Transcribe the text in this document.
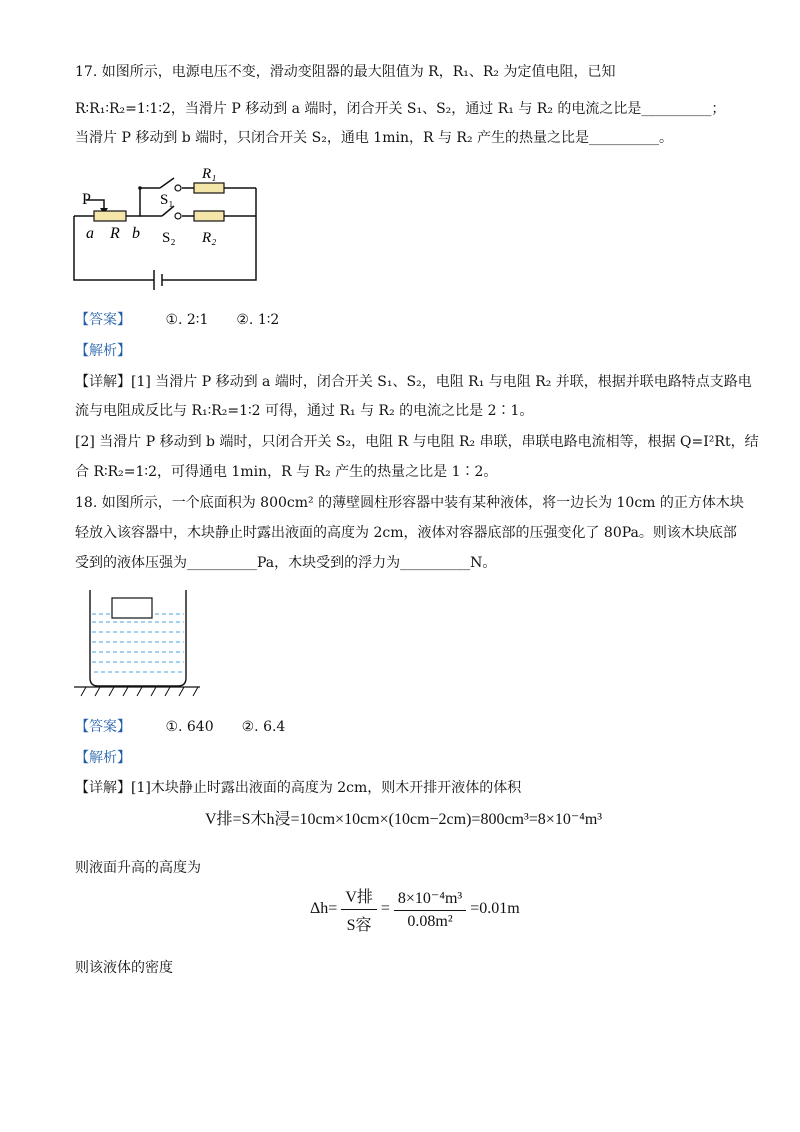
17. 如图所示，电源电压不变，滑动变阻器的最大阻值为 R，R₁、R₂ 为定值电阻，已知
R∶R₁∶R₂=1∶1∶2，当滑片 P 移动到 a 端时，闭合开关 S₁、S₂，通过 R₁ 与 R₂ 的电流之比是__________；
当滑片 P 移动到 b 端时，只闭合开关 S₂，通电 1min，R 与 R₂ 产生的热量之比是__________。
P
a R b
S₁
R₁
S₂ R₂
【答案】 ①. 2∶1　　②. 1∶2
【解析】
【详解】[1] 当滑片 P 移动到 a 端时，闭合开关 S₁、S₂，电阻 R₁ 与电阻 R₂ 并联，根据并联电路特点支路电
流与电阻成反比与 R₁∶R₂=1∶2 可得，通过 R₁ 与 R₂ 的电流之比是 2∶1。
[2] 当滑片 P 移动到 b 端时，只闭合开关 S₂，电阻 R 与电阻 R₂ 串联，串联电路电流相等，根据 Q=I²Rt，结
合 R∶R₂=1∶2，可得通电 1min，R 与 R₂ 产生的热量之比是 1∶2。
18. 如图所示，一个底面积为 800cm² 的薄壁圆柱形容器中装有某种液体，将一边长为 10cm 的正方体木块
轻放入该容器中，木块静止时露出液面的高度为 2cm，液体对容器底部的压强变化了 80Pa。则该木块底部
受到的液体压强为__________Pa，木块受到的浮力为__________N。
【答案】 ①. 640　　②. 6.4
【解析】
【详解】[1]木块静止时露出液面的高度为 2cm，则木开排开液体的体积
V排=S木h浸=10cm×10cm×(10cm−2cm)=800cm³=8×10⁻⁴m³
则液面升高的高度为
$\Delta h= \frac{\text{V排}}{\text{S容}} = \frac{\text{8×10⁻⁴m³}}{\text{0.08m²}} =0.01m$
则该液体的密度
